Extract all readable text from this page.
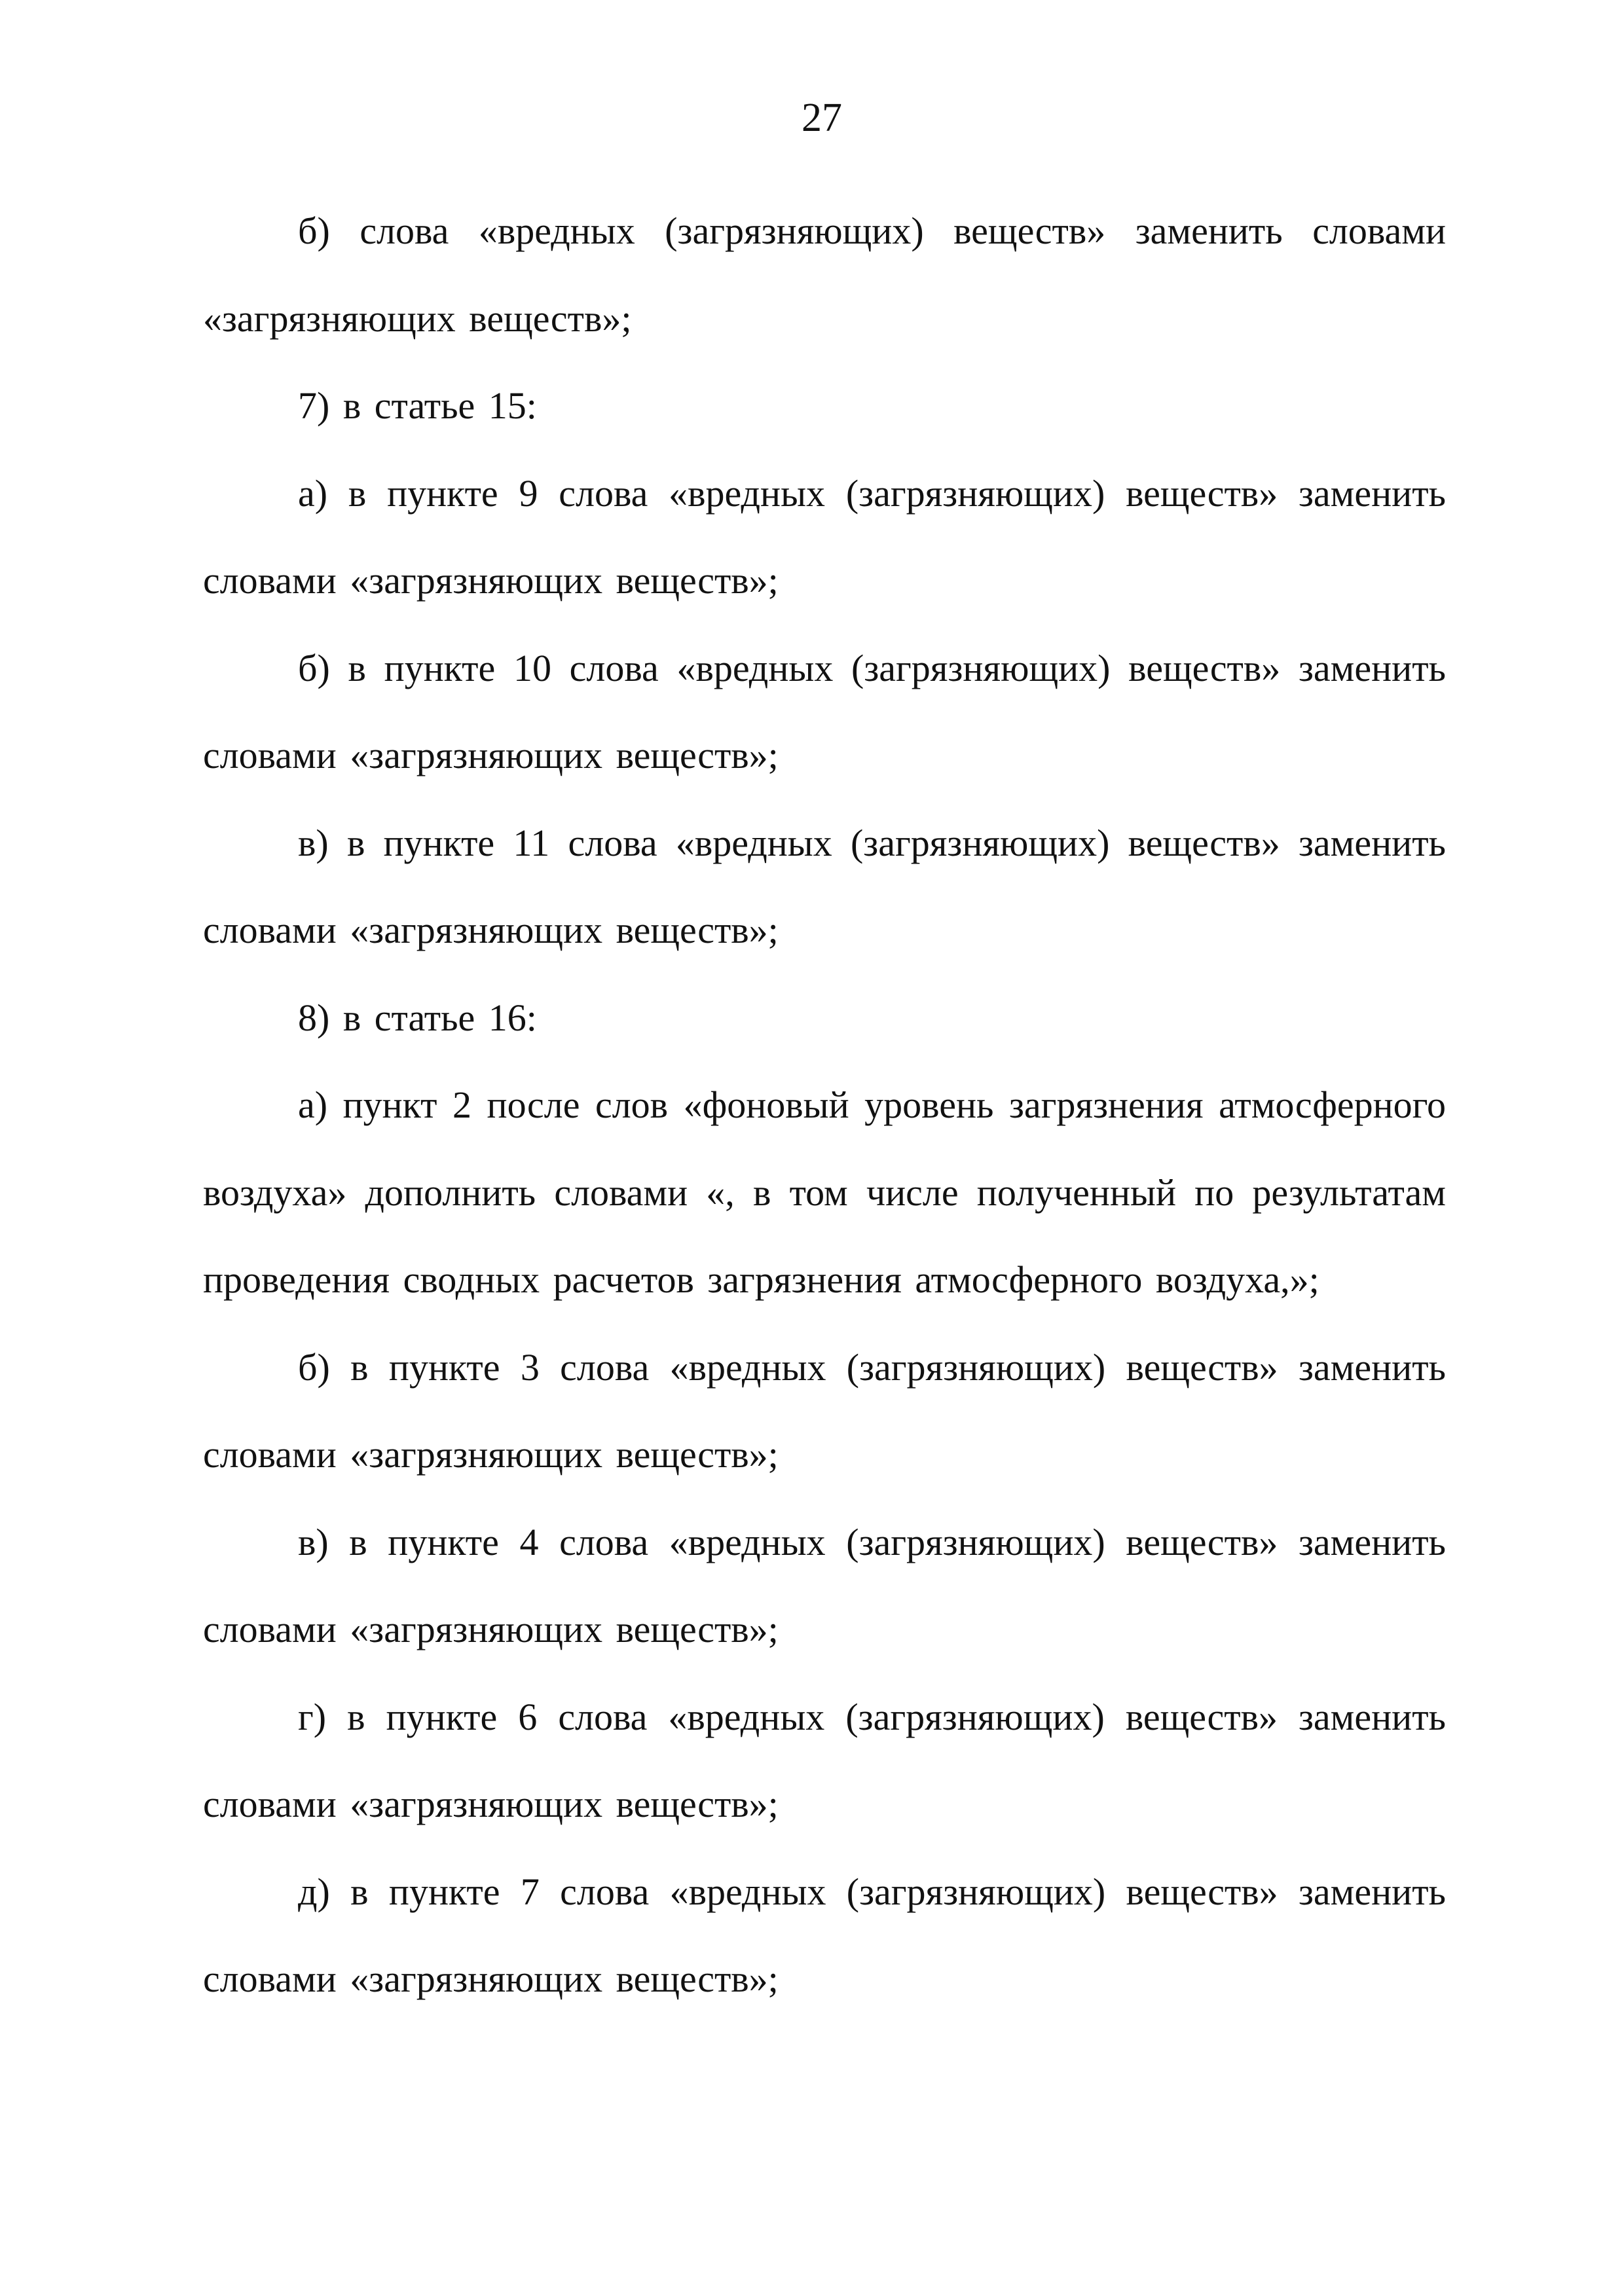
27

б) слова «вредных (загрязняющих) веществ» заменить словами

«загрязняющих веществ»;

7) в статье 15:

а) в пункте 9 слова «вредных (загрязняющих) веществ» заменить

словами «загрязняющих веществ»;

б) в пункте 10 слова «вредных (загрязняющих) веществ» заменить

словами «загрязняющих веществ»;

в) в пункте 11 слова «вредных (загрязняющих) веществ» заменить

словами «загрязняющих веществ»;

8) в статье 16:

а) пункт 2 после слов «фоновый уровень загрязнения атмосферного воздуха» дополнить словами «, в том числе полученный по результатам проведения сводных расчетов загрязнения атмосферного воздуха,»;

б) в пункте 3 слова «вредных (загрязняющих) веществ» заменить

словами «загрязняющих веществ»;

в) в пункте 4 слова «вредных (загрязняющих) веществ» заменить

словами «загрязняющих веществ»;

г) в пункте 6 слова «вредных (загрязняющих) веществ» заменить

словами «загрязняющих веществ»;

д) в пункте 7 слова «вредных (загрязняющих) веществ» заменить

словами «загрязняющих веществ»;
